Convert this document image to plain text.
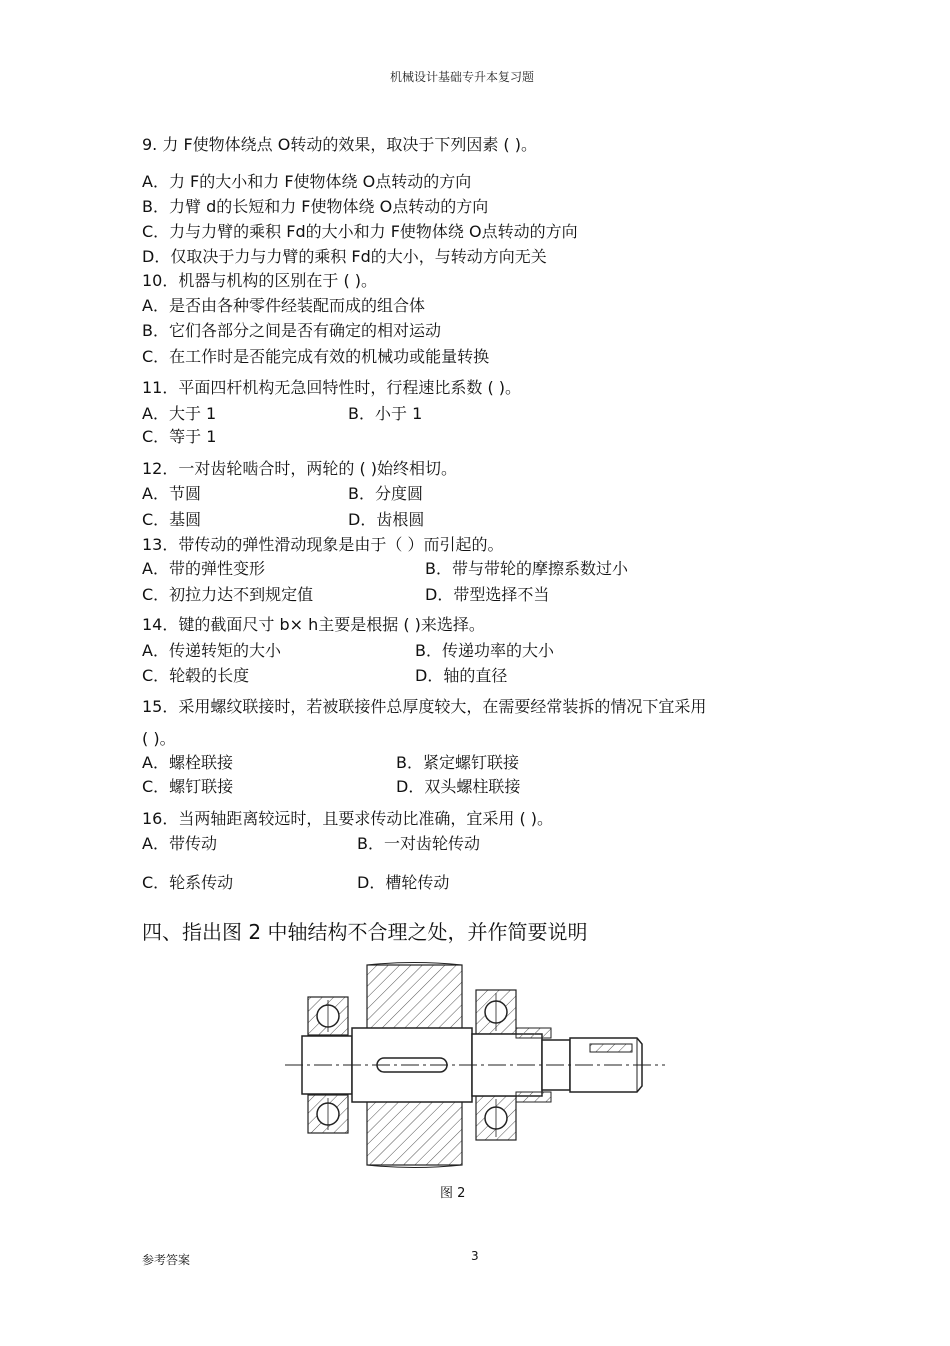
机械设计基础专升本复习题
9. 力 F使物体绕点 O转动的效果，取决于下列因素 ( )。
A．力 F的大小和力 F使物体绕 O点转动的方向
B．力臂 d的长短和力 F使物体绕 O点转动的方向
C．力与力臂的乘积 Fd的大小和力 F使物体绕 O点转动的方向
D．仅取决于力与力臂的乘积 Fd的大小，与转动方向无关
10．机器与机构的区别在于 ( )。
A．是否由各种零件经装配而成的组合体
B．它们各部分之间是否有确定的相对运动
C．在工作时是否能完成有效的机械功或能量转换
11．平面四杆机构无急回特性时，行程速比系数 ( )。
A．大于 1	B．小于 1
C．等于 1
12．一对齿轮啮合时，两轮的 ( )始终相切。
A．节圆	B．分度圆
C．基圆	D．齿根圆
13．带传动的弹性滑动现象是由于（ ）而引起的。
A．带的弹性变形	B．带与带轮的摩擦系数过小
C．初拉力达不到规定值	D．带型选择不当
14．键的截面尺寸 b× h主要是根据 ( )来选择。
A．传递转矩的大小	B．传递功率的大小
C．轮毂的长度	D．轴的直径
15．采用螺纹联接时，若被联接件总厚度较大，在需要经常装拆的情况下宜采用
( )。
A．螺栓联接	B．紧定螺钉联接
C．螺钉联接	D．双头螺柱联接
16．当两轴距离较远时，且要求传动比准确，宜采用 ( )。
A．带传动	B．一对齿轮传动
C．轮系传动	D．槽轮传动
四、指出图 2 中轴结构不合理之处，并作简要说明
图 2
参考答案	3
